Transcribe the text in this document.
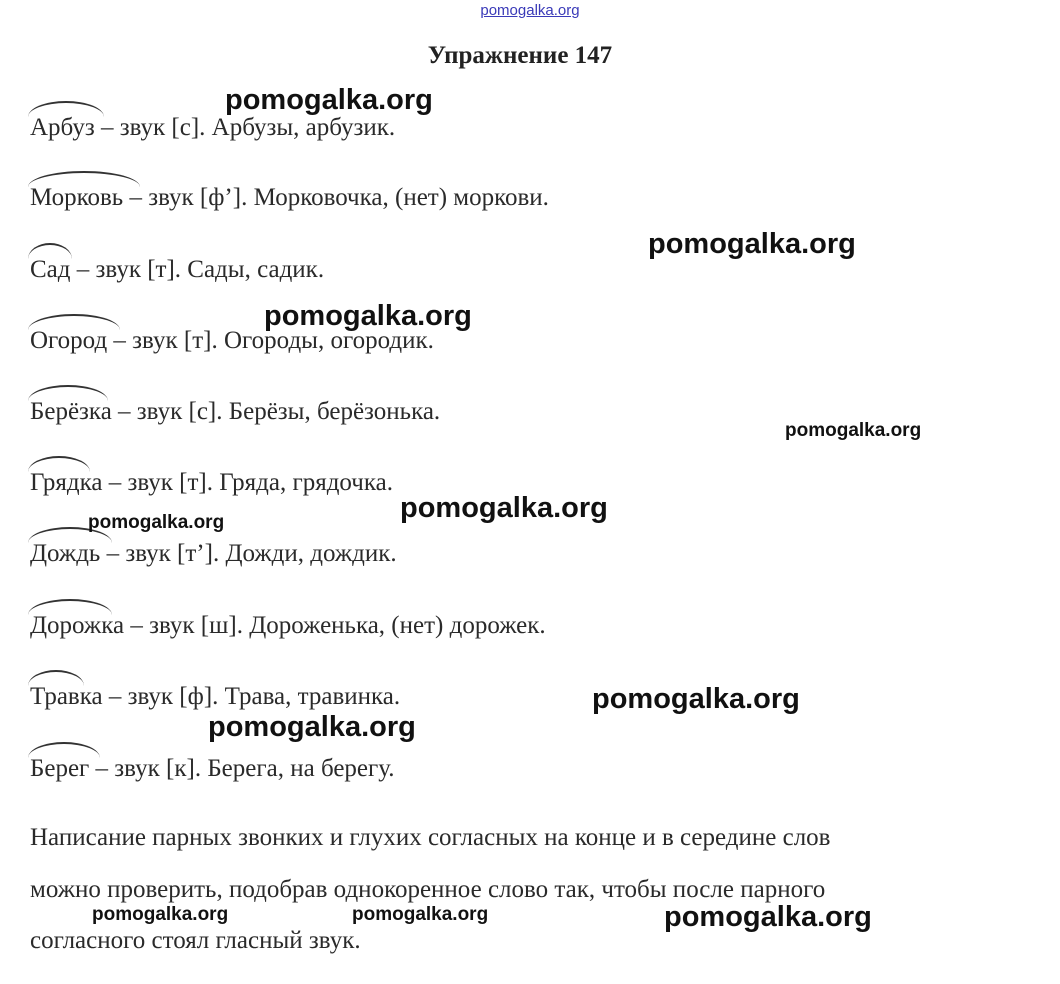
pomogalka.org
Упражнение 147
Арбуз – звук [с]. Арбузы, арбузик.
Морковь – звук [ф’]. Морковочка, (нет) моркови.
Сад – звук [т]. Сады, садик.
Огород – звук [т]. Огороды, огородик.
Берёзка – звук [с]. Берёзы, берёзонька.
Грядка – звук [т]. Гряда, грядочка.
Дождь – звук [т’]. Дожди, дождик.
Дорожка – звук [ш]. Дороженька, (нет) дорожек.
Травка – звук [ф]. Трава, травинка.
Берег – звук [к]. Берега, на берегу.
Написание парных звонких и глухих согласных на конце и в середине слов
можно проверить, подобрав однокоренное слово так, чтобы после парного
согласного стоял гласный звук.
pomogalka.org
pomogalka.org
pomogalka.org
pomogalka.org
pomogalka.org
pomogalka.org
pomogalka.org
pomogalka.org
pomogalka.org	pomogalka.org	pomogalka.org
